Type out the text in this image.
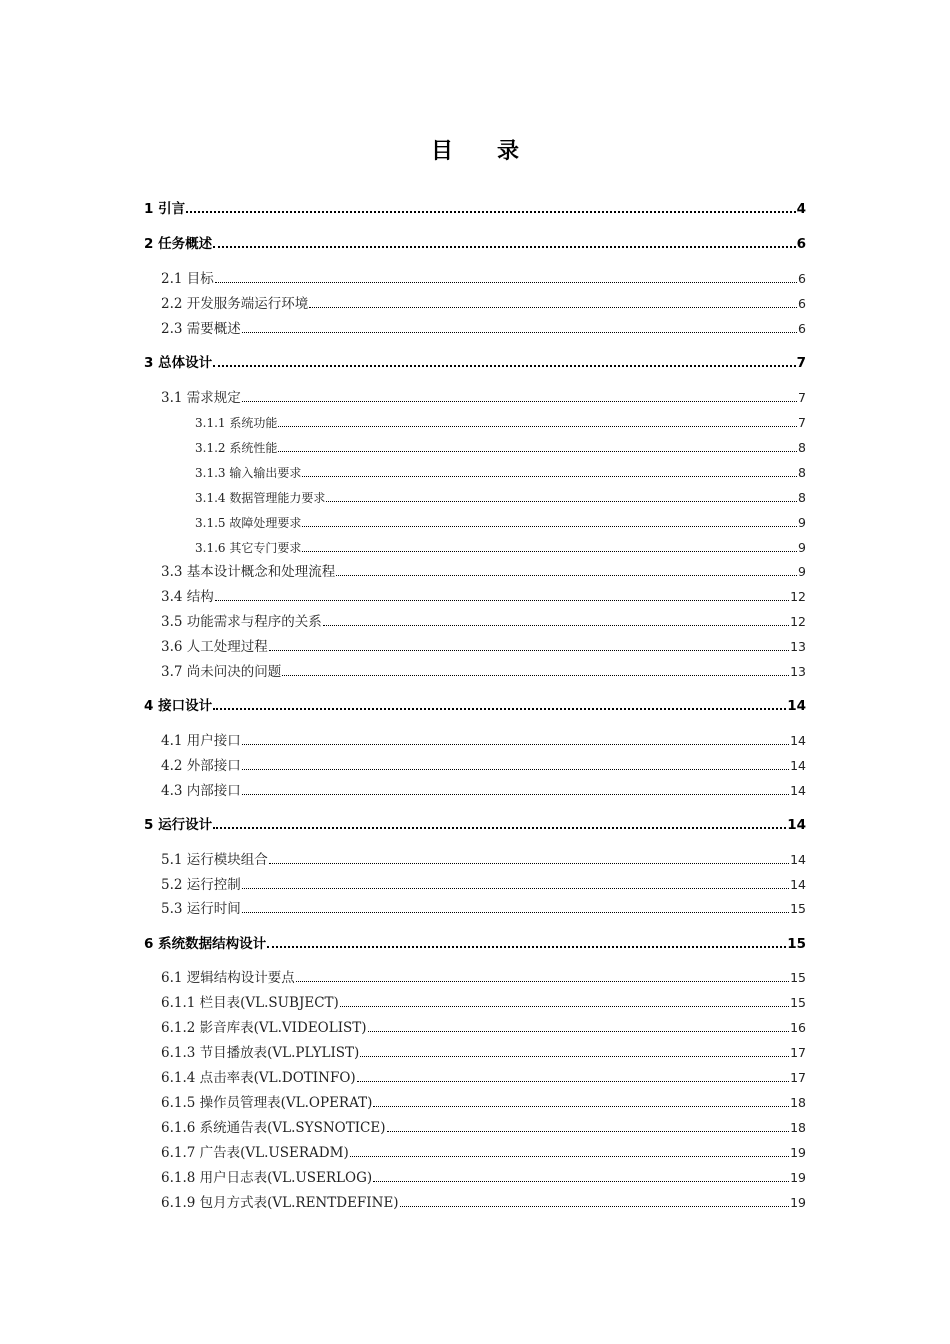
目 录
1 引言	4
2 任务概述	6
2.1 目标	6
2.2 开发服务端运行环境	6
2.3 需要概述	6
3 总体设计	7
3.1 需求规定	7
3.1.1 系统功能	7
3.1.2 系统性能	8
3.1.3 输入输出要求	8
3.1.4 数据管理能力要求	8
3.1.5 故障处理要求	9
3.1.6 其它专门要求	9
3.3 基本设计概念和处理流程	9
3.4 结构	12
3.5 功能需求与程序的关系	12
3.6 人工处理过程	13
3.7 尚未问决的问题	13
4 接口设计	14
4.1 用户接口	14
4.2 外部接口	14
4.3 内部接口	14
5 运行设计	14
5.1 运行模块组合	14
5.2 运行控制	14
5.3 运行时间	15
6 系统数据结构设计	15
6.1 逻辑结构设计要点	15
6.1.1 栏目表(VL.SUBJECT)	15
6.1.2 影音库表(VL.VIDEOLIST)	16
6.1.3 节目播放表(VL.PLYLIST)	17
6.1.4 点击率表(VL.DOTINFO)	17
6.1.5 操作员管理表(VL.OPERAT)	18
6.1.6 系统通告表(VL.SYSNOTICE)	18
6.1.7 广告表(VL.USERADM)	19
6.1.8 用户日志表(VL.USERLOG)	19
6.1.9 包月方式表(VL.RENTDEFINE)	19
